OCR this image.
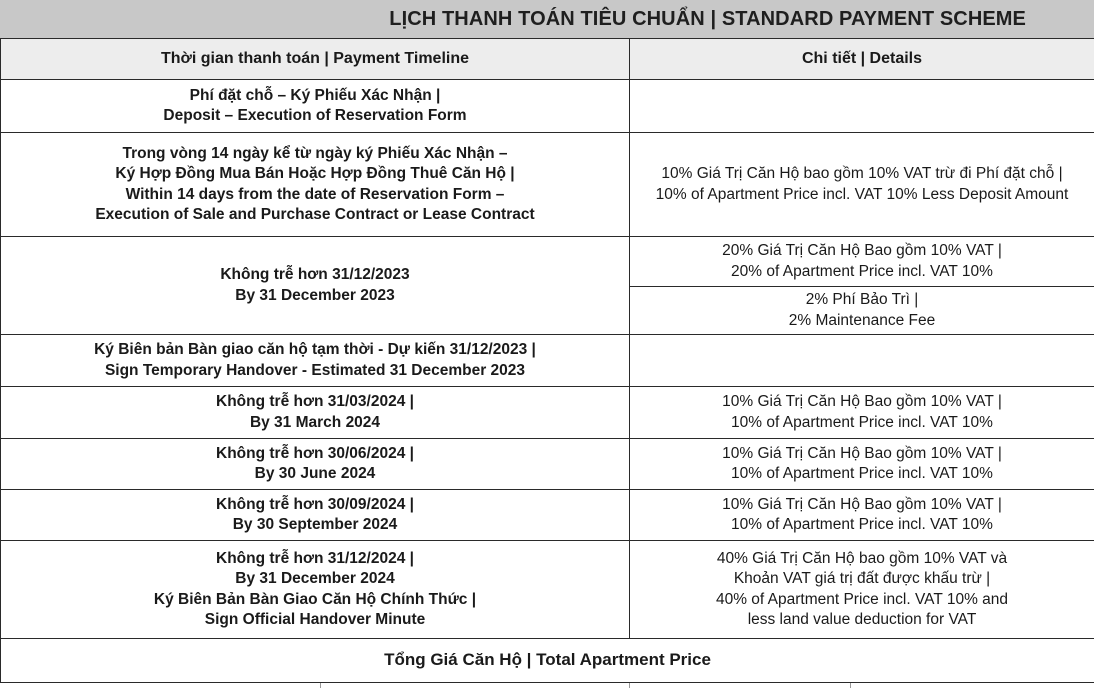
LỊCH THANH TOÁN TIÊU CHUẨN | STANDARD PAYMENT SCHEME
Thời gian thanh toán | Payment Timeline	Chi tiết | Details

Phí đặt chỗ – Ký Phiếu Xác Nhận |
Deposit – Execution of Reservation Form	

Trong vòng 14 ngày kể từ ngày ký Phiếu Xác Nhận –
Ký Hợp Đồng Mua Bán Hoặc Hợp Đồng Thuê Căn Hộ |
Within 14 days from the date of Reservation Form –
Execution of Sale and Purchase Contract or Lease Contract	10% Giá Trị Căn Hộ bao gồm 10% VAT trừ đi Phí đặt chỗ |
10% of Apartment Price incl. VAT 10% Less Deposit Amount

Không trễ hơn 31/12/2023
By 31 December 2023	20% Giá Trị Căn Hộ Bao gồm 10% VAT |
20% of Apartment Price incl. VAT 10%

	2% Phí Bảo Trì |
2% Maintenance Fee

Ký Biên bản Bàn giao căn hộ tạm thời - Dự kiến 31/12/2023 |
Sign Temporary Handover - Estimated 31 December 2023	

Không trễ hơn 31/03/2024 |
By 31 March 2024	10% Giá Trị Căn Hộ Bao gồm 10% VAT |
10% of Apartment Price incl. VAT 10%

Không trễ hơn 30/06/2024 |
By 30 June 2024	10% Giá Trị Căn Hộ Bao gồm 10% VAT |
10% of Apartment Price incl. VAT 10%

Không trễ hơn 30/09/2024 |
By 30 September 2024	10% Giá Trị Căn Hộ Bao gồm 10% VAT |
10% of Apartment Price incl. VAT 10%

Không trễ hơn 31/12/2024 |
By 31 December 2024
Ký Biên Bản Bàn Giao Căn Hộ Chính Thức |
Sign Official Handover Minute	40% Giá Trị Căn Hộ bao gồm 10% VAT và
Khoản VAT giá trị đất được khấu trừ |
40% of Apartment Price incl. VAT 10% and
less land value deduction for VAT

Tổng Giá Căn Hộ | Total Apartment Price	
